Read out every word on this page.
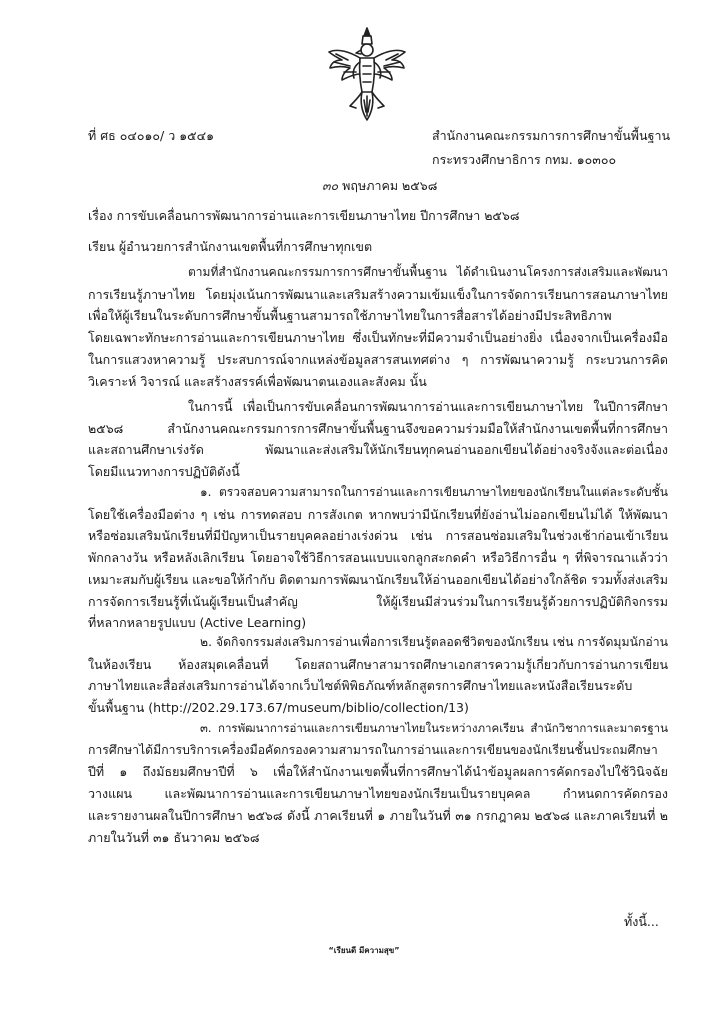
ที่ ศธ ๐๔๐๑๐/ ว ๑๕๔๑	สำนักงานคณะกรรมการการศึกษาขั้นพื้นฐาน
กระทรวงศึกษาธิการ กทม. ๑๐๓๐๐
๓๐ พฤษภาคม ๒๕๖๘
เรื่อง การขับเคลื่อนการพัฒนาการอ่านและการเขียนภาษาไทย ปีการศึกษา ๒๕๖๘
เรียน ผู้อำนวยการสำนักงานเขตพื้นที่การศึกษาทุกเขต
ตามที่สำนักงานคณะกรรมการการศึกษาขั้นพื้นฐาน ได้ดำเนินงานโครงการส่งเสริมและพัฒนา
การเรียนรู้ภาษาไทย โดยมุ่งเน้นการพัฒนาและเสริมสร้างความเข้มแข็งในการจัดการเรียนการสอนภาษาไทย
เพื่อให้ผู้เรียนในระดับการศึกษาขั้นพื้นฐานสามารถใช้ภาษาไทยในการสื่อสารได้อย่างมีประสิทธิภาพ
โดยเฉพาะทักษะการอ่านและการเขียนภาษาไทย ซึ่งเป็นทักษะที่มีความจำเป็นอย่างยิ่ง เนื่องจากเป็นเครื่องมือ
ในการแสวงหาความรู้ ประสบการณ์จากแหล่งข้อมูลสารสนเทศต่าง ๆ การพัฒนาความรู้ กระบวนการคิด
วิเคราะห์ วิจารณ์ และสร้างสรรค์เพื่อพัฒนาตนเองและสังคม นั้น
ในการนี้ เพื่อเป็นการขับเคลื่อนการพัฒนาการอ่านและการเขียนภาษาไทย ในปีการศึกษา
๒๕๖๘ สำนักงานคณะกรรมการการศึกษาขั้นพื้นฐานจึงขอความร่วมมือให้สำนักงานเขตพื้นที่การศึกษา
และสถานศึกษาเร่งรัด พัฒนาและส่งเสริมให้นักเรียนทุกคนอ่านออกเขียนได้อย่างจริงจังและต่อเนื่อง
โดยมีแนวทางการปฏิบัติดังนี้
๑. ตรวจสอบความสามารถในการอ่านและการเขียนภาษาไทยของนักเรียนในแต่ละระดับชั้น
โดยใช้เครื่องมือต่าง ๆ เช่น การทดสอบ การสังเกต หากพบว่ามีนักเรียนที่ยังอ่านไม่ออกเขียนไม่ได้ ให้พัฒนา
หรือซ่อมเสริมนักเรียนที่มีปัญหาเป็นรายบุคคลอย่างเร่งด่วน เช่น การสอนซ่อมเสริมในช่วงเช้าก่อนเข้าเรียน
พักกลางวัน หรือหลังเลิกเรียน โดยอาจใช้วิธีการสอนแบบแจกลูกสะกดคำ หรือวิธีการอื่น ๆ ที่พิจารณาแล้วว่า
เหมาะสมกับผู้เรียน และขอให้กำกับ ติดตามการพัฒนานักเรียนให้อ่านออกเขียนได้อย่างใกล้ชิด รวมทั้งส่งเสริม
การจัดการเรียนรู้ที่เน้นผู้เรียนเป็นสำคัญ ให้ผู้เรียนมีส่วนร่วมในการเรียนรู้ด้วยการปฏิบัติกิจกรรม
ที่หลากหลายรูปแบบ (Active Learning)
๒. จัดกิจกรรมส่งเสริมการอ่านเพื่อการเรียนรู้ตลอดชีวิตของนักเรียน เช่น การจัดมุมนักอ่าน
ในห้องเรียน ห้องสมุดเคลื่อนที่ โดยสถานศึกษาสามารถศึกษาเอกสารความรู้เกี่ยวกับการอ่านการเขียน
ภาษาไทยและสื่อส่งเสริมการอ่านได้จากเว็บไซต์พิพิธภัณฑ์หลักสูตรการศึกษาไทยและหนังสือเรียนระดับ
ขั้นพื้นฐาน (http://202.29.173.67/museum/biblio/collection/13)
๓. การพัฒนาการอ่านและการเขียนภาษาไทยในระหว่างภาคเรียน สำนักวิชาการและมาตรฐาน
การศึกษาได้มีการบริการเครื่องมือคัดกรองความสามารถในการอ่านและการเขียนของนักเรียนชั้นประถมศึกษา
ปีที่ ๑ ถึงมัธยมศึกษาปีที่ ๖ เพื่อให้สำนักงานเขตพื้นที่การศึกษาได้นำข้อมูลผลการคัดกรองไปใช้วินิจฉัย
วางแผน และพัฒนาการอ่านและการเขียนภาษาไทยของนักเรียนเป็นรายบุคคล กำหนดการคัดกรอง
และรายงานผลในปีการศึกษา ๒๕๖๘ ดังนี้ ภาคเรียนที่ ๑ ภายในวันที่ ๓๑ กรกฎาคม ๒๕๖๘ และภาคเรียนที่ ๒
ภายในวันที่ ๓๑ ธันวาคม ๒๕๖๘
ทั้งนี้...
“เรียนดี มีความสุข”
